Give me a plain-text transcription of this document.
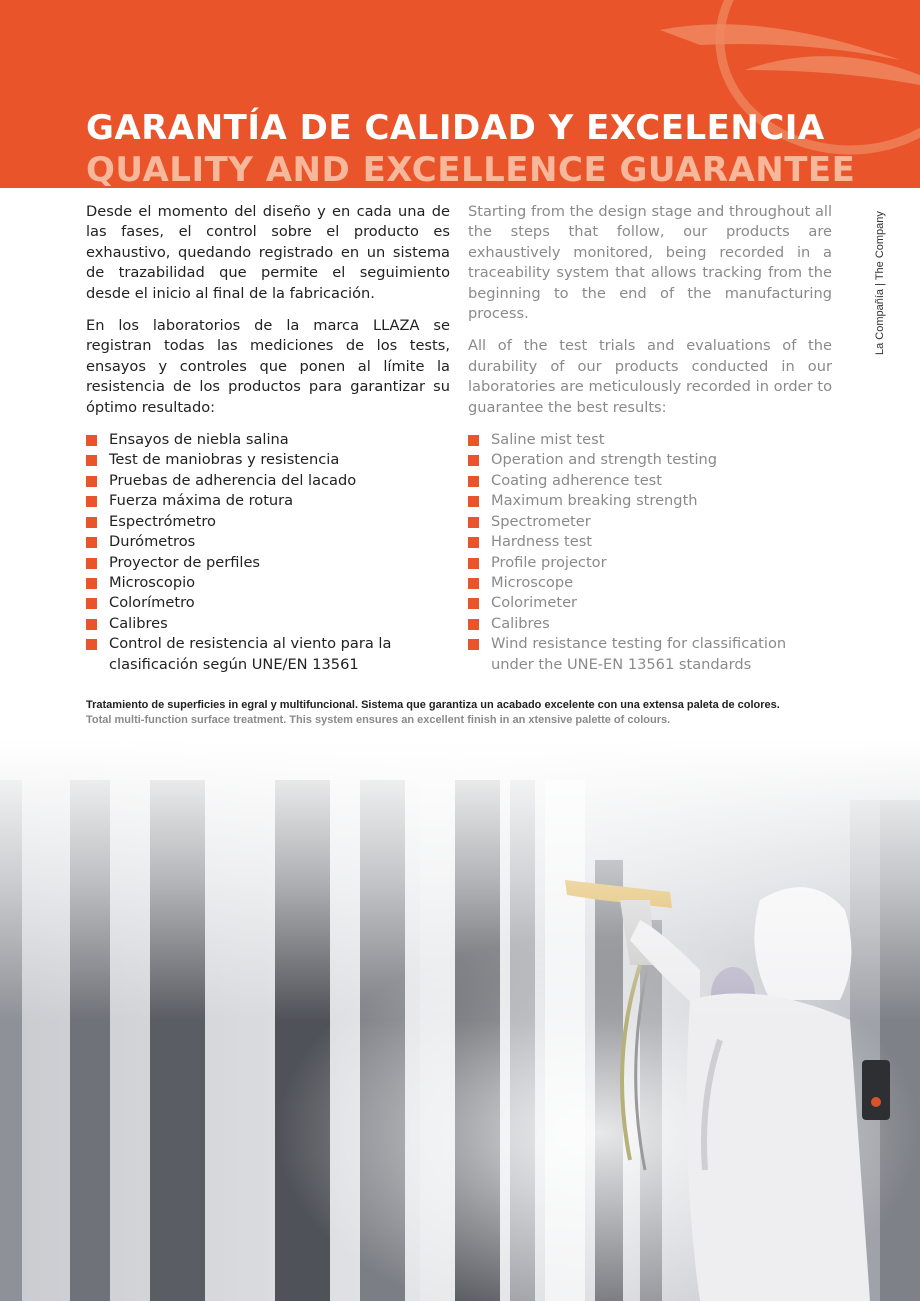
GARANTÍA DE CALIDAD Y EXCELENCIA
QUALITY AND EXCELLENCE GUARANTEE

Desde el momento del diseño y en cada una de las fases, el control sobre el producto es exhaustivo, quedando registrado en un sistema de trazabilidad que permite el seguimiento desde el inicio al final de la fabricación.

En los laboratorios de la marca LLAZA se registran todas las mediciones de los tests, ensayos y controles que ponen al límite la resistencia de los productos para garantizar su óptimo resultado:

Ensayos de niebla salina
Test de maniobras y resistencia
Pruebas de adherencia del lacado
Fuerza máxima de rotura
Espectrómetro
Durómetros
Proyector de perfiles
Microscopio
Colorímetro
Calibres
Control de resistencia al viento para la clasificación según UNE/EN 13561

Starting from the design stage and throughout all the steps that follow, our products are exhaustively monitored, being recorded in a traceability system that allows tracking from the beginning to the end of the manufacturing process.

All of the test trials and evaluations of the durability of our products conducted in our laboratories are meticulously recorded in order to guarantee the best results:

Saline mist test
Operation and strength testing
Coating adherence test
Maximum breaking strength
Spectrometer
Hardness test
Profile projector
Microscope
Colorimeter
Calibres
Wind resistance testing for classification under the UNE-EN 13561 standards
La Compañía | The Company
Tratamiento de superficies in egral y multifuncional. Sistema que garantiza un acabado excelente con una extensa paleta de colores.
Total multi-function surface treatment. This system ensures an excellent finish in an xtensive palette of colours.
